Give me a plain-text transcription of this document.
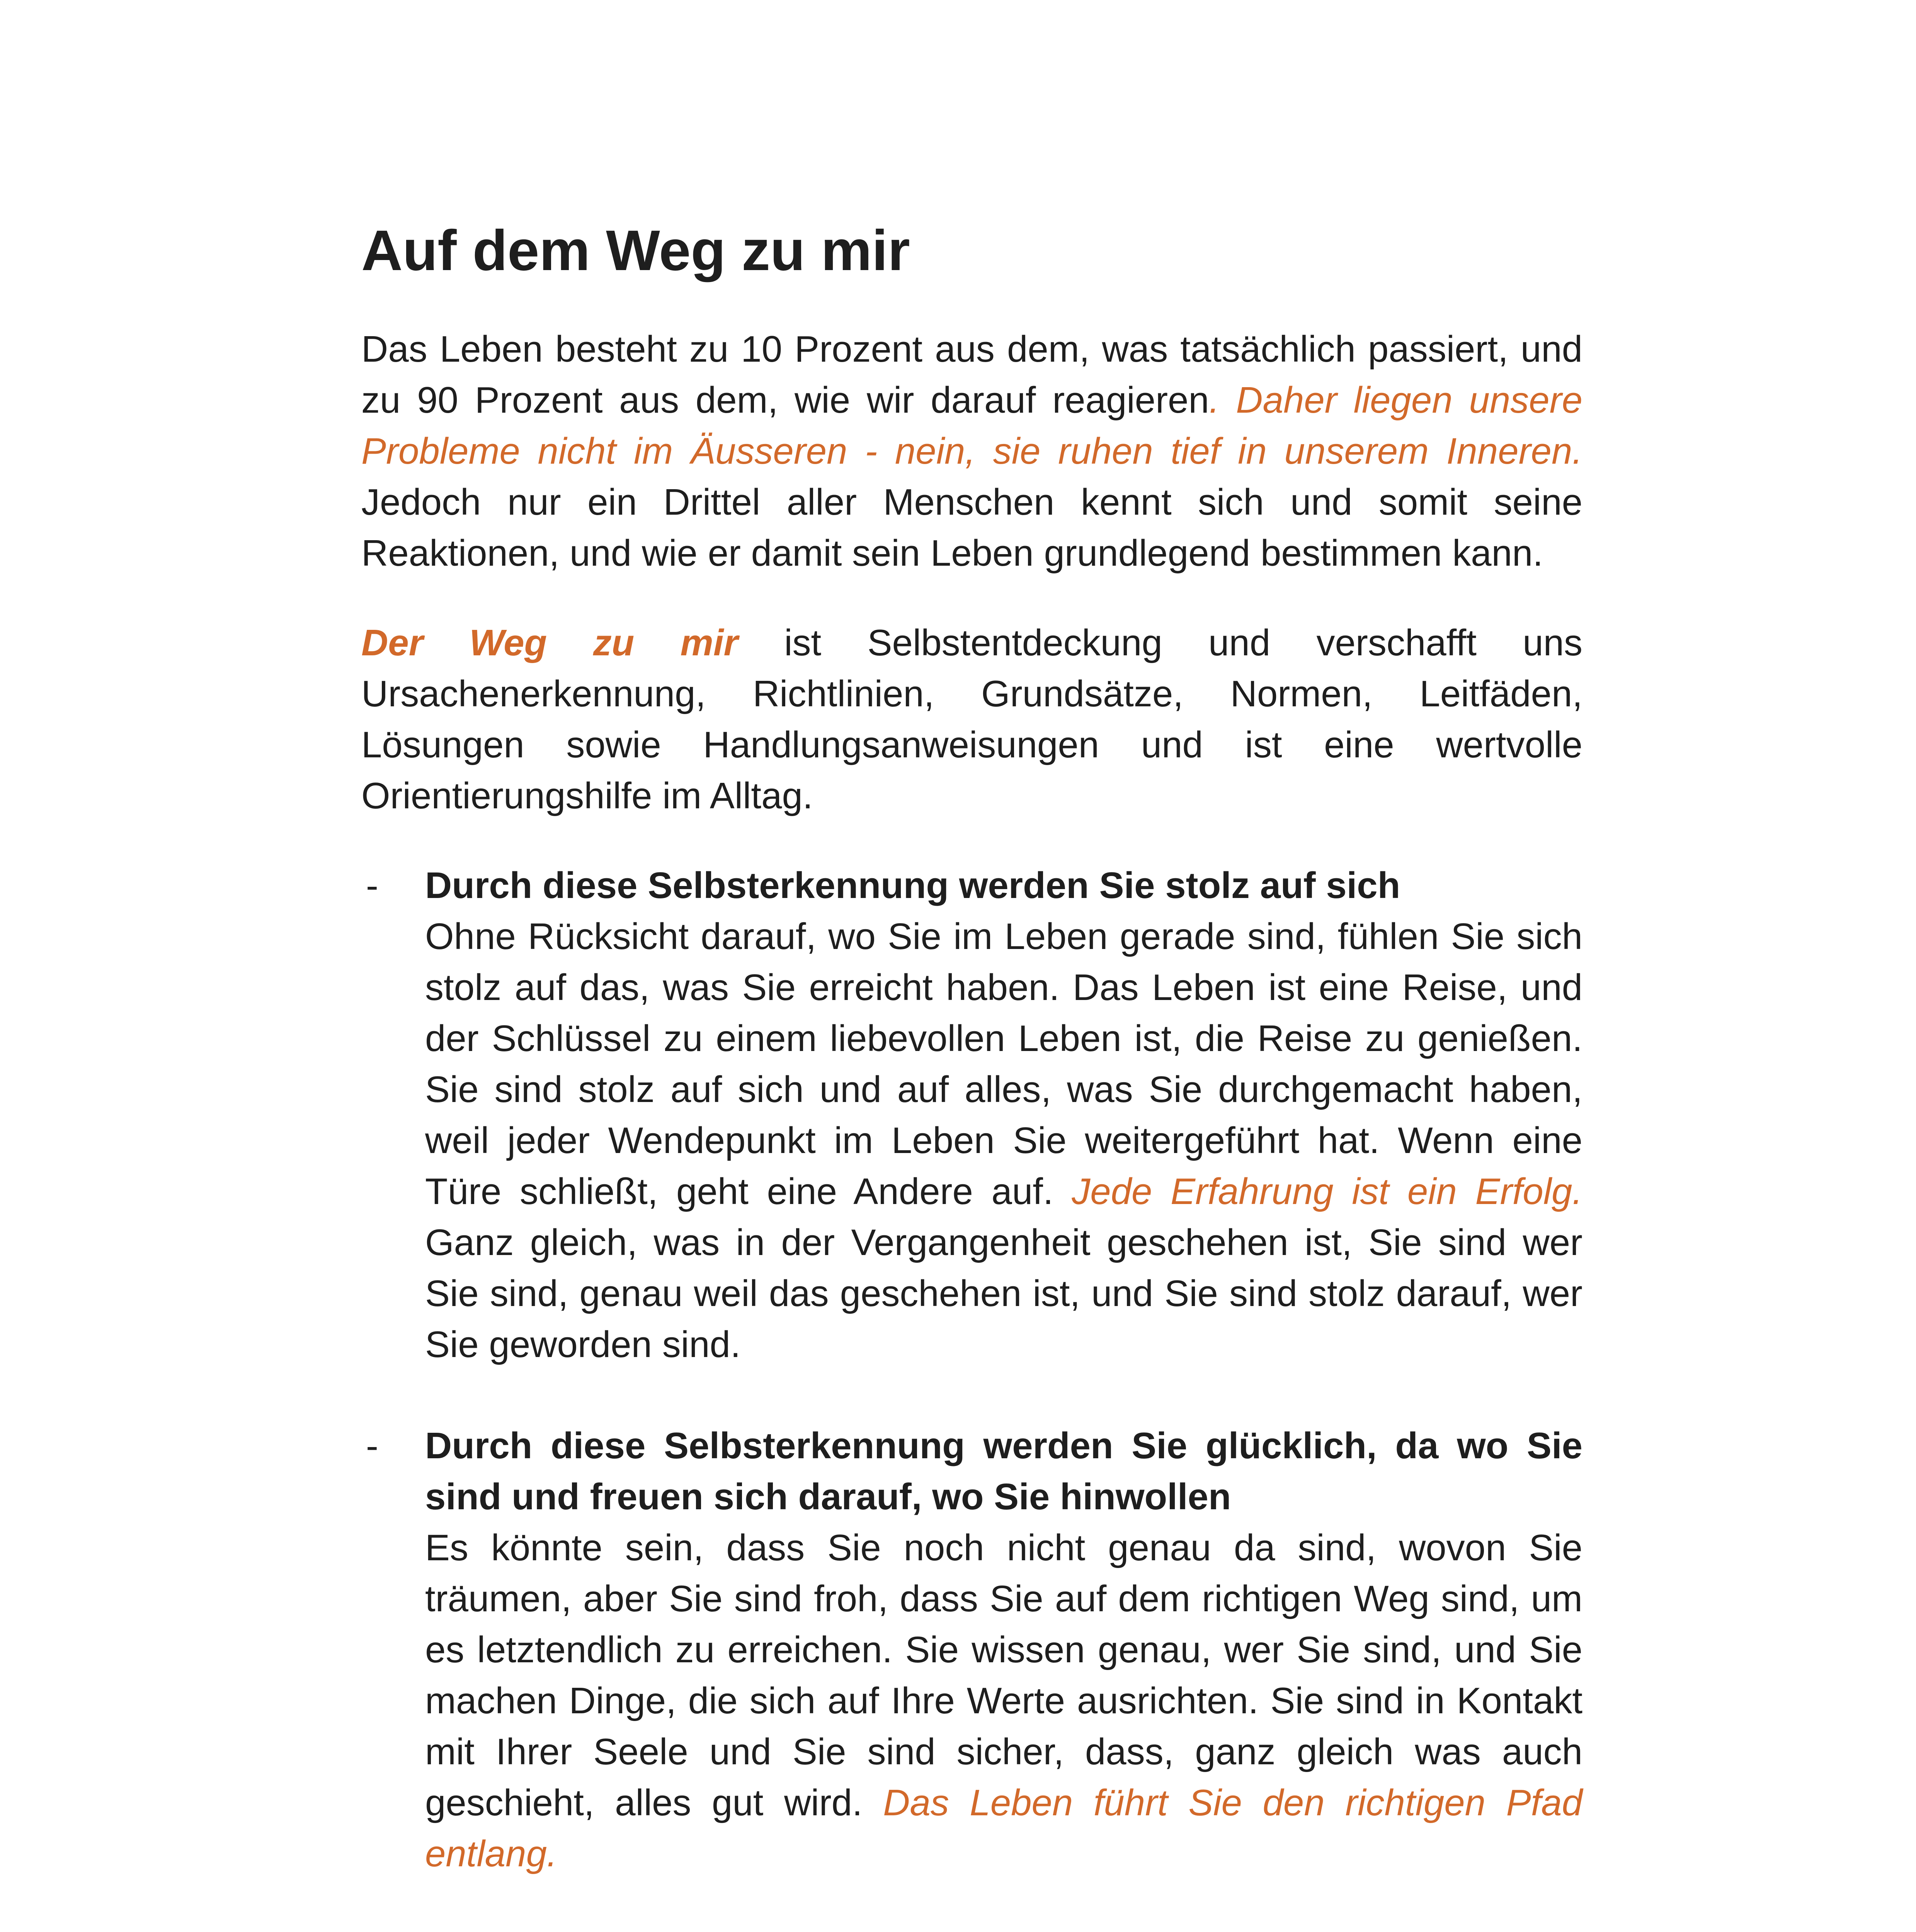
Auf dem Weg zu mir

Das Leben besteht zu 10 Prozent aus dem, was tatsächlich passiert, und zu 90 Prozent aus dem, wie wir darauf reagieren. Daher liegen unsere Probleme nicht im Äusseren - nein, sie ruhen tief in unserem Inneren. Jedoch nur ein Drittel aller Menschen kennt sich und somit seine Reaktionen, und wie er damit sein Leben grundlegend bestimmen kann.

Der Weg zu mir ist Selbstentdeckung und verschafft uns Ursachenerkennung, Richtlinien, Grundsätze, Normen, Leitfäden, Lösungen sowie Handlungsanweisungen und ist eine wertvolle Orientierungshilfe im Alltag.

- Durch diese Selbsterkennung werden Sie stolz auf sich
Ohne Rücksicht darauf, wo Sie im Leben gerade sind, fühlen Sie sich stolz auf das, was Sie erreicht haben. Das Leben ist eine Reise, und der Schlüssel zu einem liebevollen Leben ist, die Reise zu genießen. Sie sind stolz auf sich und auf alles, was Sie durchgemacht haben, weil jeder Wendepunkt im Leben Sie weitergeführt hat. Wenn eine Türe schließt, geht eine Andere auf. Jede Erfahrung ist ein Erfolg. Ganz gleich, was in der Vergangenheit geschehen ist, Sie sind wer Sie sind, genau weil das geschehen ist, und Sie sind stolz darauf, wer Sie geworden sind.
- Durch diese Selbsterkennung werden Sie glücklich, da wo Sie sind und freuen sich darauf, wo Sie hinwollen
Es könnte sein, dass Sie noch nicht genau da sind, wovon Sie träumen, aber Sie sind froh, dass Sie auf dem richtigen Weg sind, um es letztendlich zu erreichen. Sie wissen genau, wer Sie sind, und Sie machen Dinge, die sich auf Ihre Werte ausrichten. Sie sind in Kontakt mit Ihrer Seele und Sie sind sicher, dass, ganz gleich was auch geschieht, alles gut wird. Das Leben führt Sie den richtigen Pfad entlang.
